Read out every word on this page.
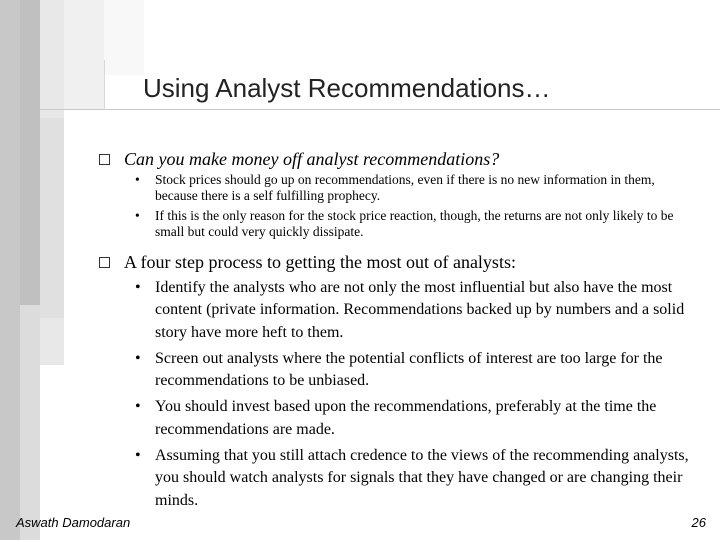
Using Analyst Recommendations…
Can you make money off analyst recommendations?
•	Stock prices should go up on recommendations, even if there is no new information in them, because there is a self fulfilling prophecy.
•	If this is the only reason for the stock price reaction, though, the returns are not only likely to be small but could very quickly dissipate.
A four step process to getting the most out of analysts:
• Identify the analysts who are not only the most influential but also have the most content (private information. Recommendations backed up by numbers and a solid story have more heft to them.
• Screen out analysts where the potential conflicts of interest are too large for the recommendations to be unbiased.
• You should invest based upon the recommendations, preferably at the time the recommendations are made.
• Assuming that you still attach credence to the views of the recommending analysts, you should watch analysts for signals that they have changed or are changing their minds.
Aswath Damodaran	26
